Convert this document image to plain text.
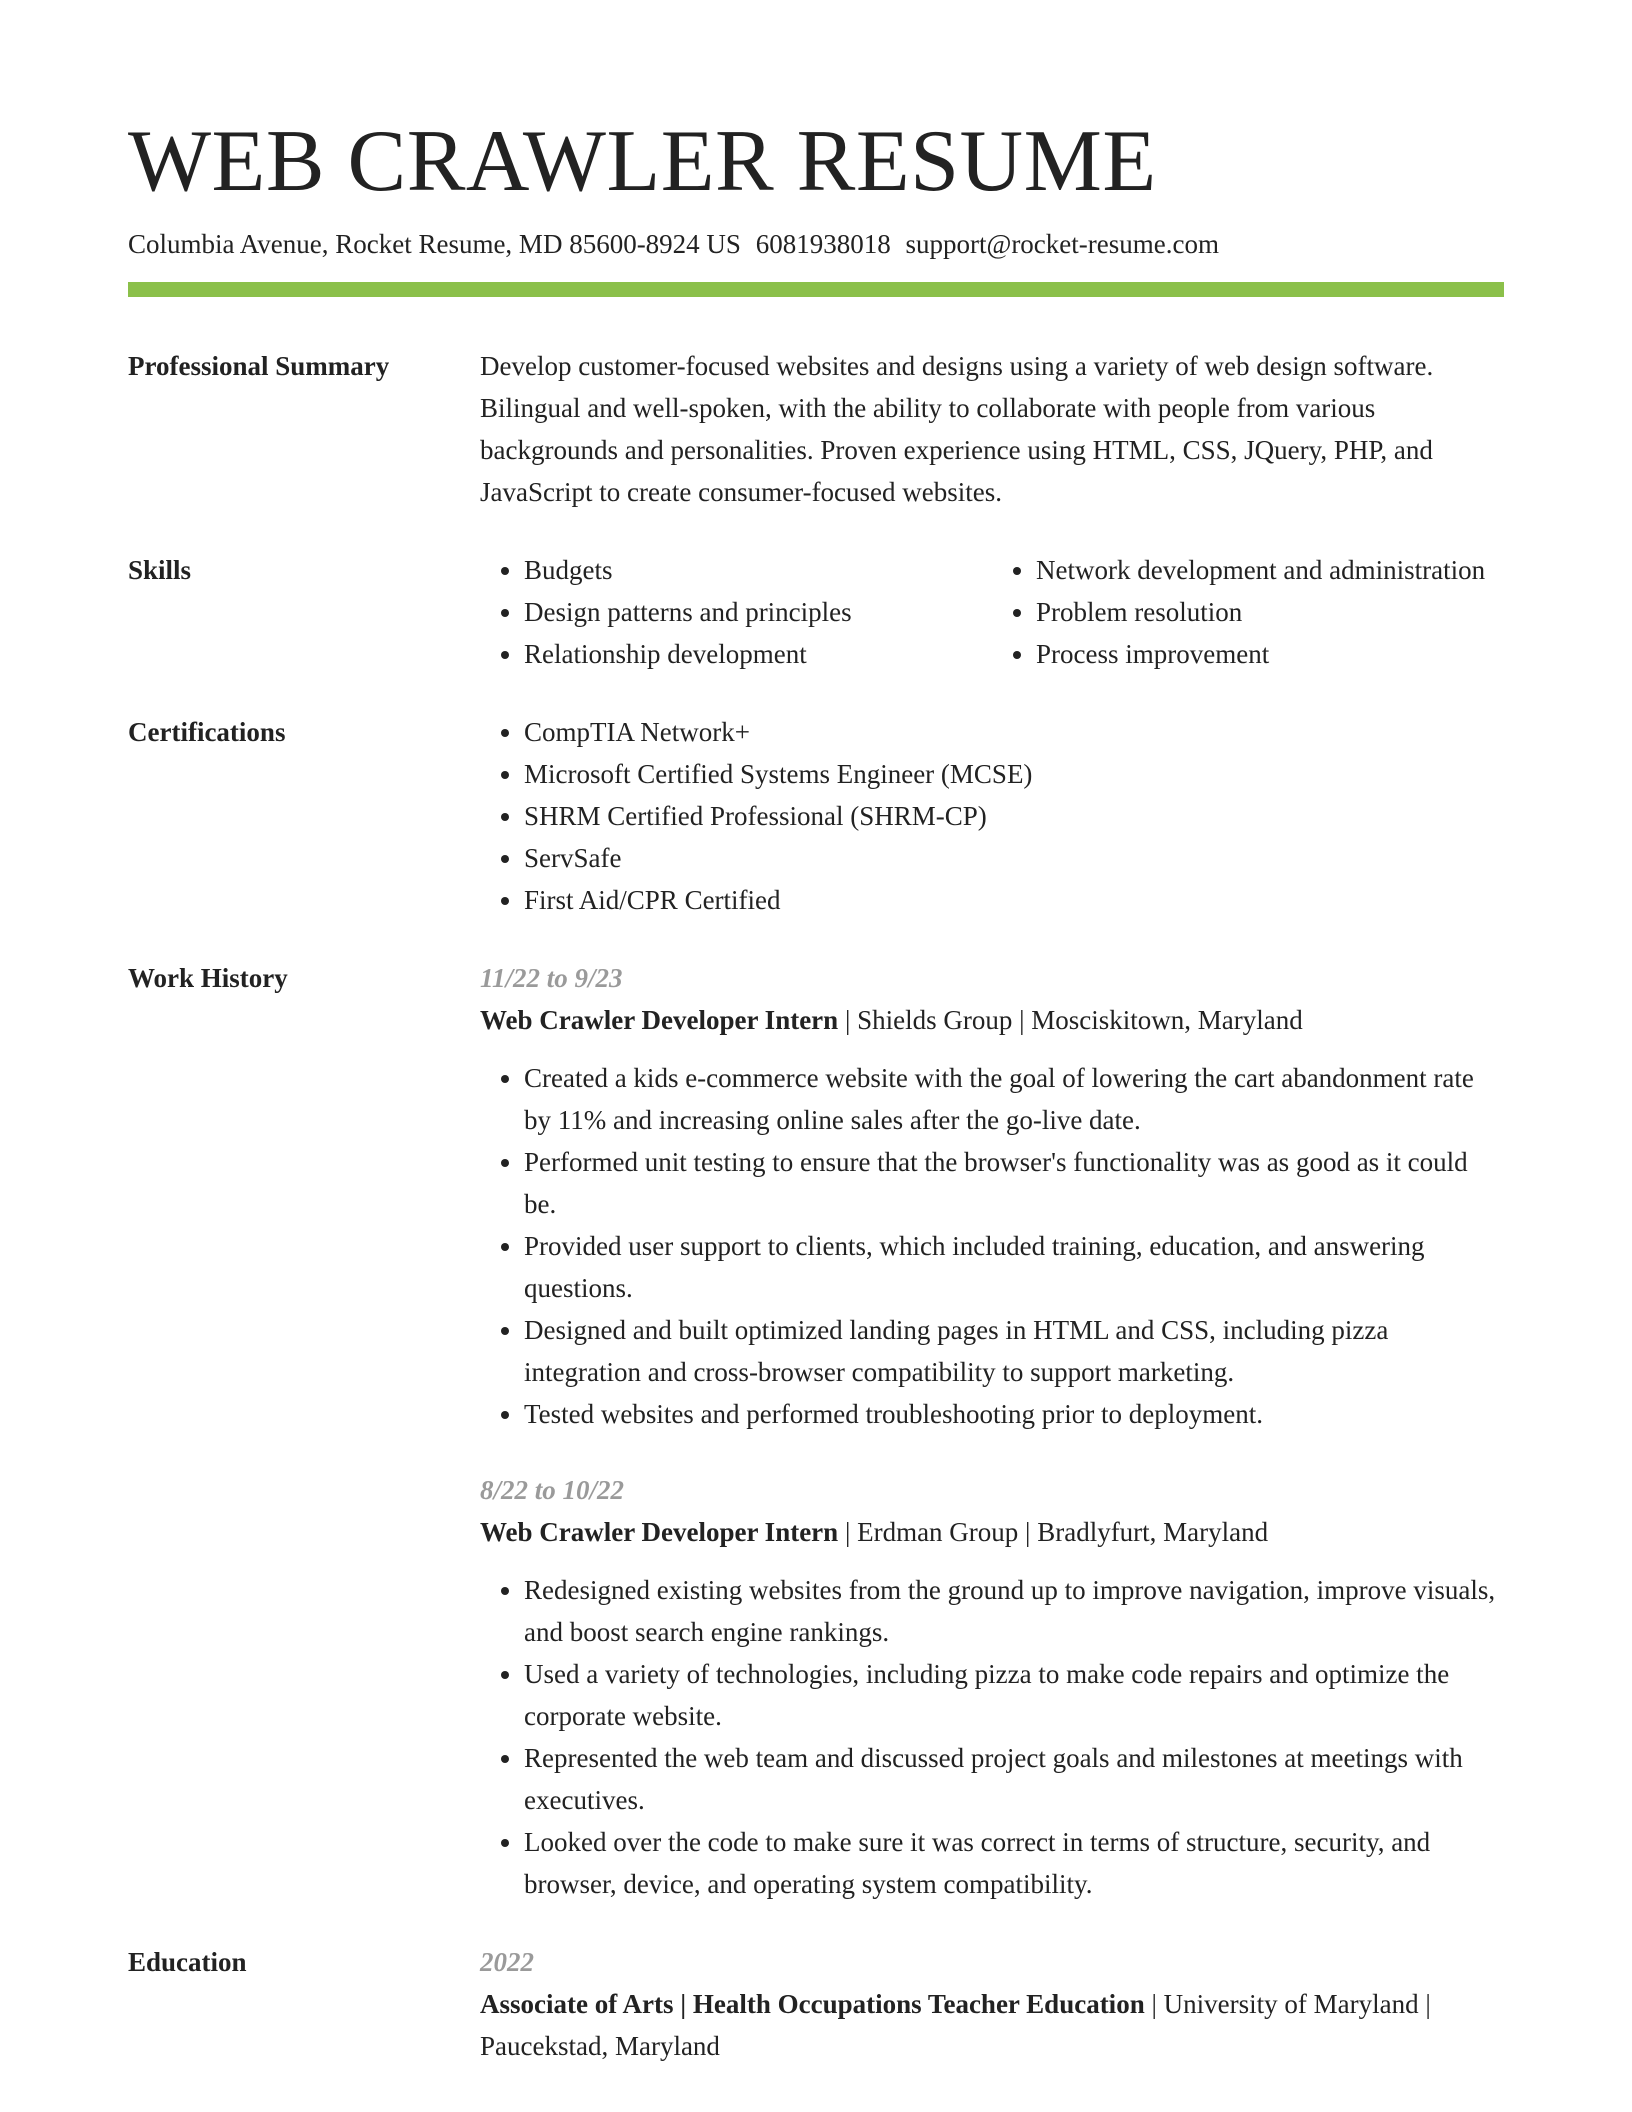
WEB CRAWLER RESUME
Columbia Avenue, Rocket Resume, MD 85600-8924 US 6081938018 support@rocket-resume.com
Professional Summary	Develop customer-focused websites and designs using a variety of web design software. Bilingual and well-spoken, with the ability to collaborate with people from various backgrounds and personalities. Proven experience using HTML, CSS, JQuery, PHP, and JavaScript to create consumer-focused websites.

Skills	• Budgets
• Design patterns and principles
• Relationship development
• Network development and administration
• Problem resolution
• Process improvement
Certifications	• CompTIA Network+
• Microsoft Certified Systems Engineer (MCSE)
• SHRM Certified Professional (SHRM-CP)
• ServSafe
• First Aid/CPR Certified
Work History	11/22 to 9/23
Web Crawler Developer Intern | Shields Group | Mosciskitown, Maryland
• Created a kids e-commerce website with the goal of lowering the cart abandonment rate by 11% and increasing online sales after the go-live date.
• Performed unit testing to ensure that the browser's functionality was as good as it could be.
• Provided user support to clients, which included training, education, and answering questions.
• Designed and built optimized landing pages in HTML and CSS, including pizza integration and cross-browser compatibility to support marketing.
• Tested websites and performed troubleshooting prior to deployment.
8/22 to 10/22
Web Crawler Developer Intern | Erdman Group | Bradlyfurt, Maryland
• Redesigned existing websites from the ground up to improve navigation, improve visuals, and boost search engine rankings.
• Used a variety of technologies, including pizza to make code repairs and optimize the corporate website.
• Represented the web team and discussed project goals and milestones at meetings with executives.
• Looked over the code to make sure it was correct in terms of structure, security, and browser, device, and operating system compatibility.
Education	2022
Associate of Arts | Health Occupations Teacher Education | University of Maryland | Paucekstad, Maryland
